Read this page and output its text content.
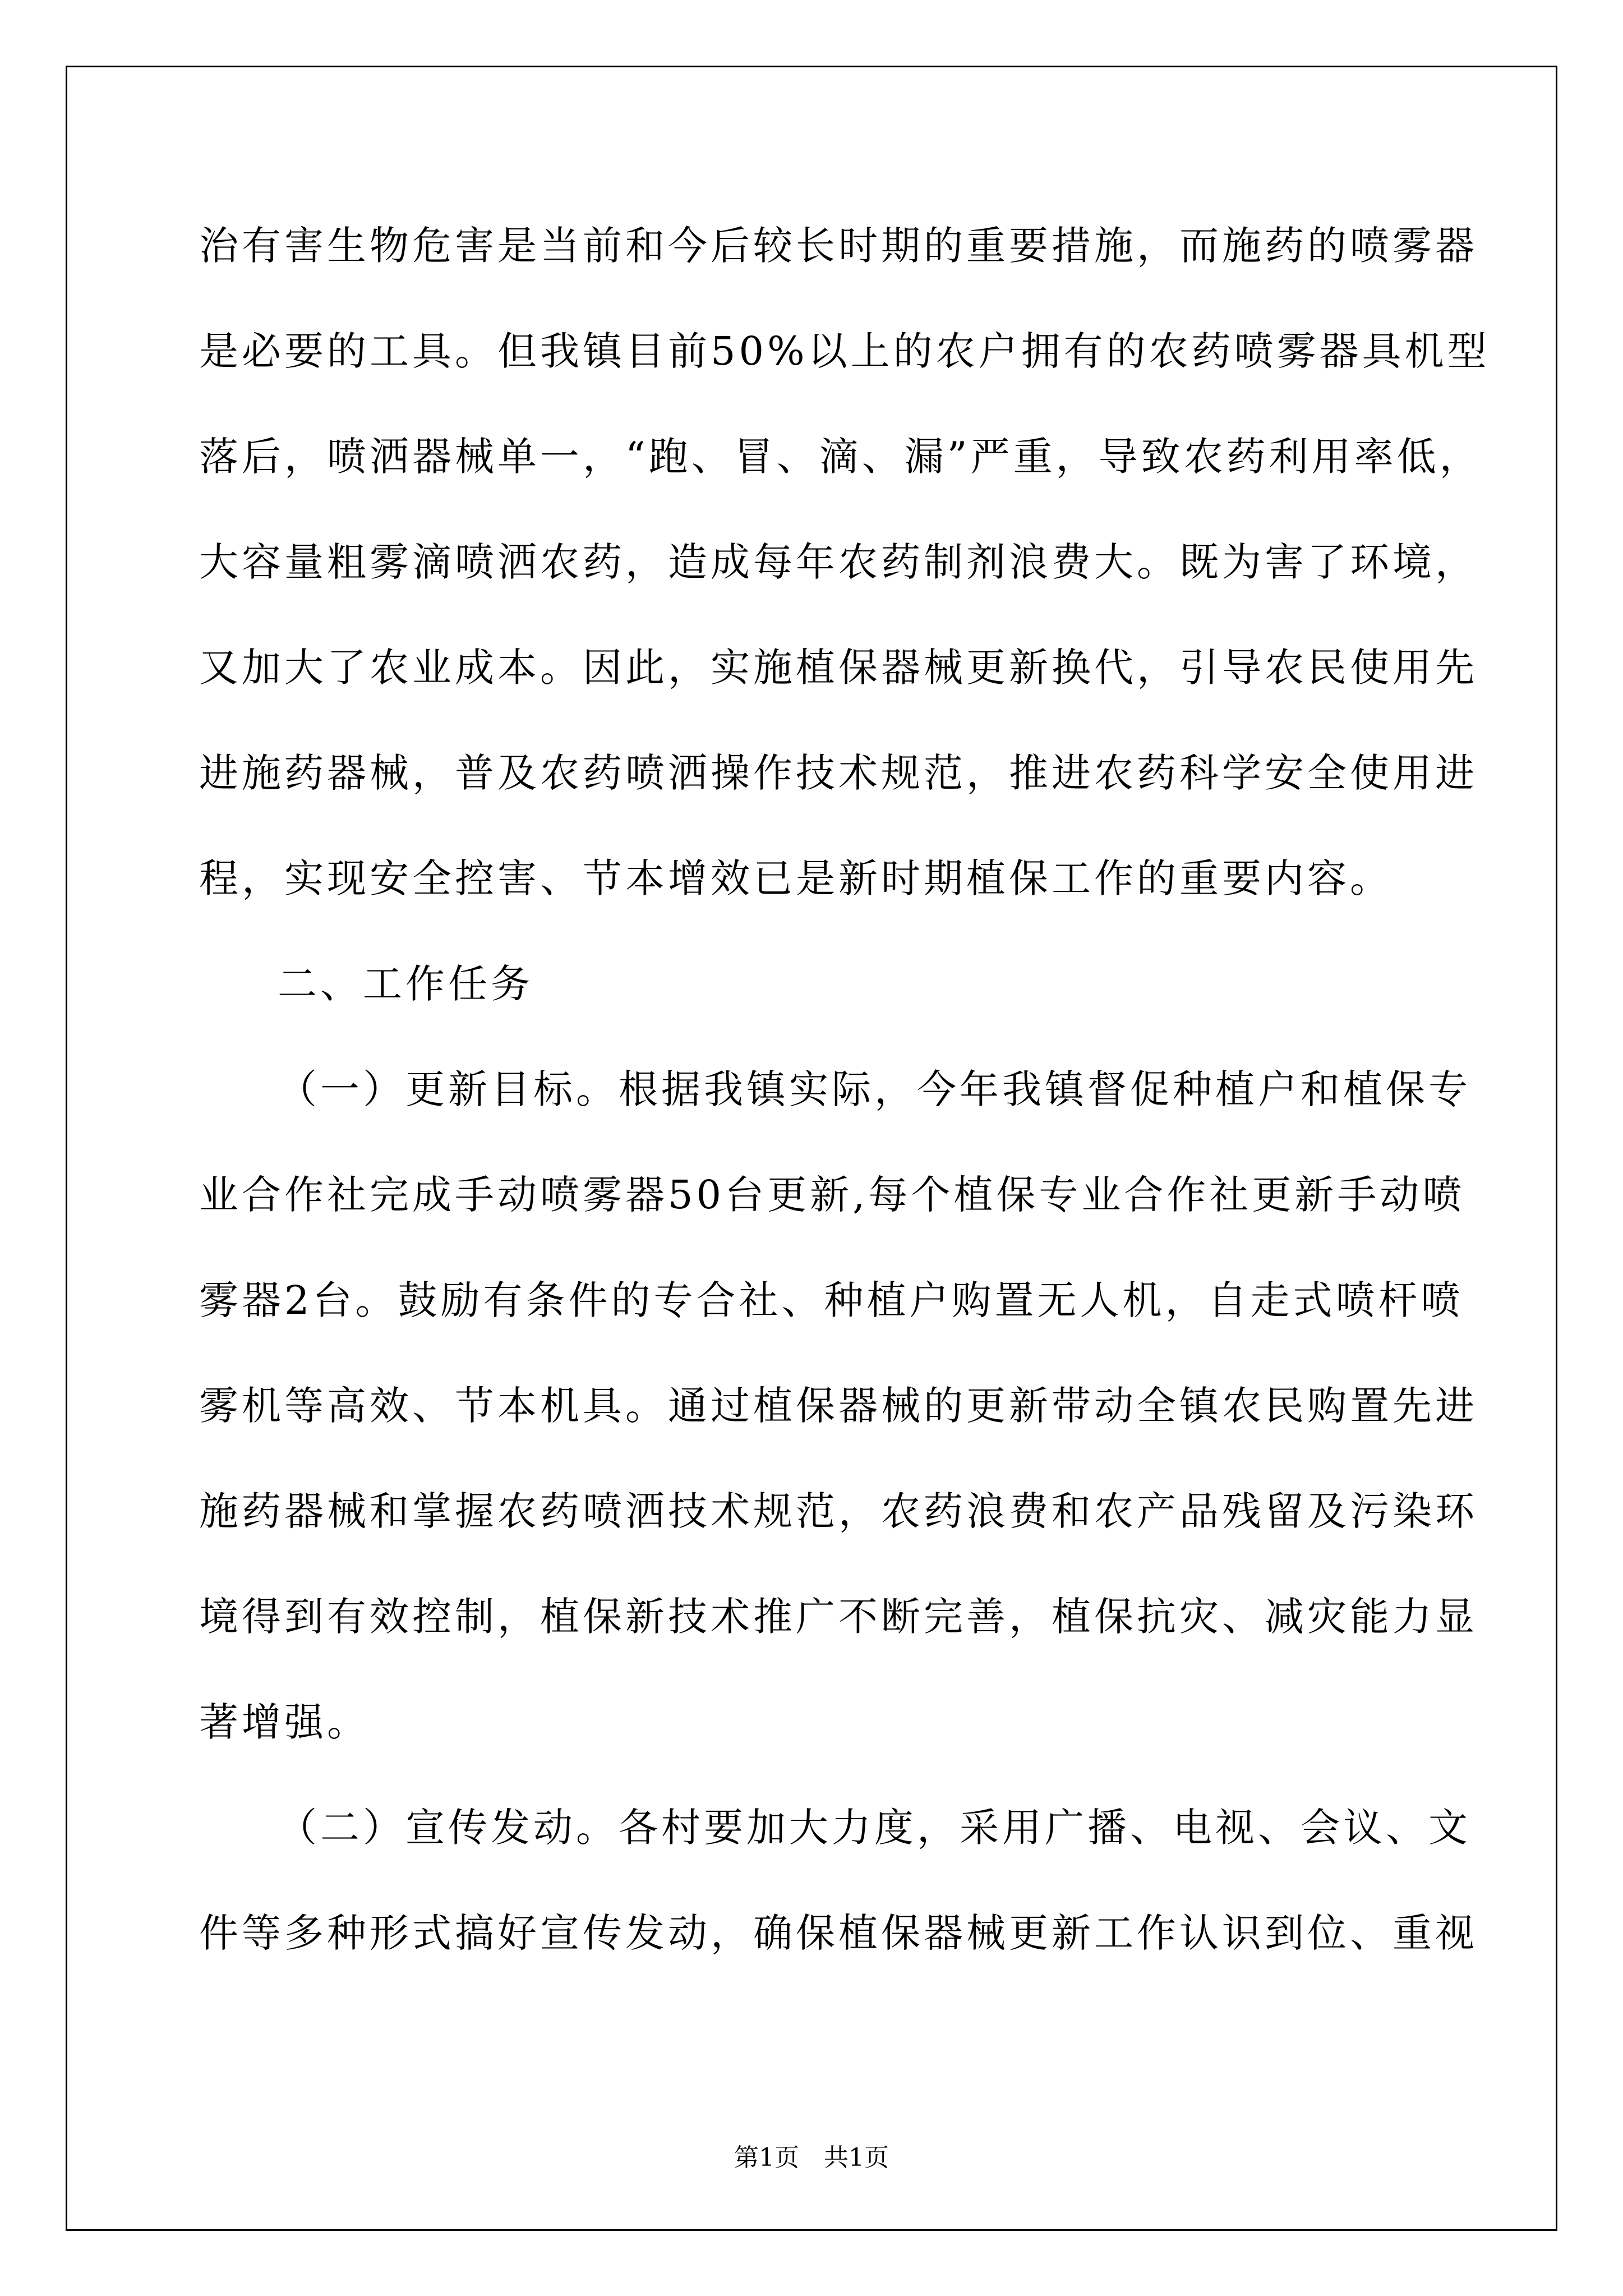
治有害生物危害是当前和今后较长时期的重要措施，而施药的喷雾器
是必要的工具。但我镇目前50%以上的农户拥有的农药喷雾器具机型
落后，喷洒器械单一，“跑、冒、滴、漏”严重，导致农药利用率低，
大容量粗雾滴喷洒农药，造成每年农药制剂浪费大。既为害了环境，
又加大了农业成本。因此，实施植保器械更新换代，引导农民使用先
进施药器械，普及农药喷洒操作技术规范，推进农药科学安全使用进
程，实现安全控害、节本增效已是新时期植保工作的重要内容。
二、工作任务
（一）更新目标。根据我镇实际，今年我镇督促种植户和植保专
业合作社完成手动喷雾器50台更新,每个植保专业合作社更新手动喷
雾器2台。鼓励有条件的专合社、种植户购置无人机，自走式喷杆喷
雾机等高效、节本机具。通过植保器械的更新带动全镇农民购置先进
施药器械和掌握农药喷洒技术规范，农药浪费和农产品残留及污染环
境得到有效控制，植保新技术推广不断完善，植保抗灾、减灾能力显
著增强。
（二）宣传发动。各村要加大力度，采用广播、电视、会议、文
件等多种形式搞好宣传发动，确保植保器械更新工作认识到位、重视
第1页　共1页
